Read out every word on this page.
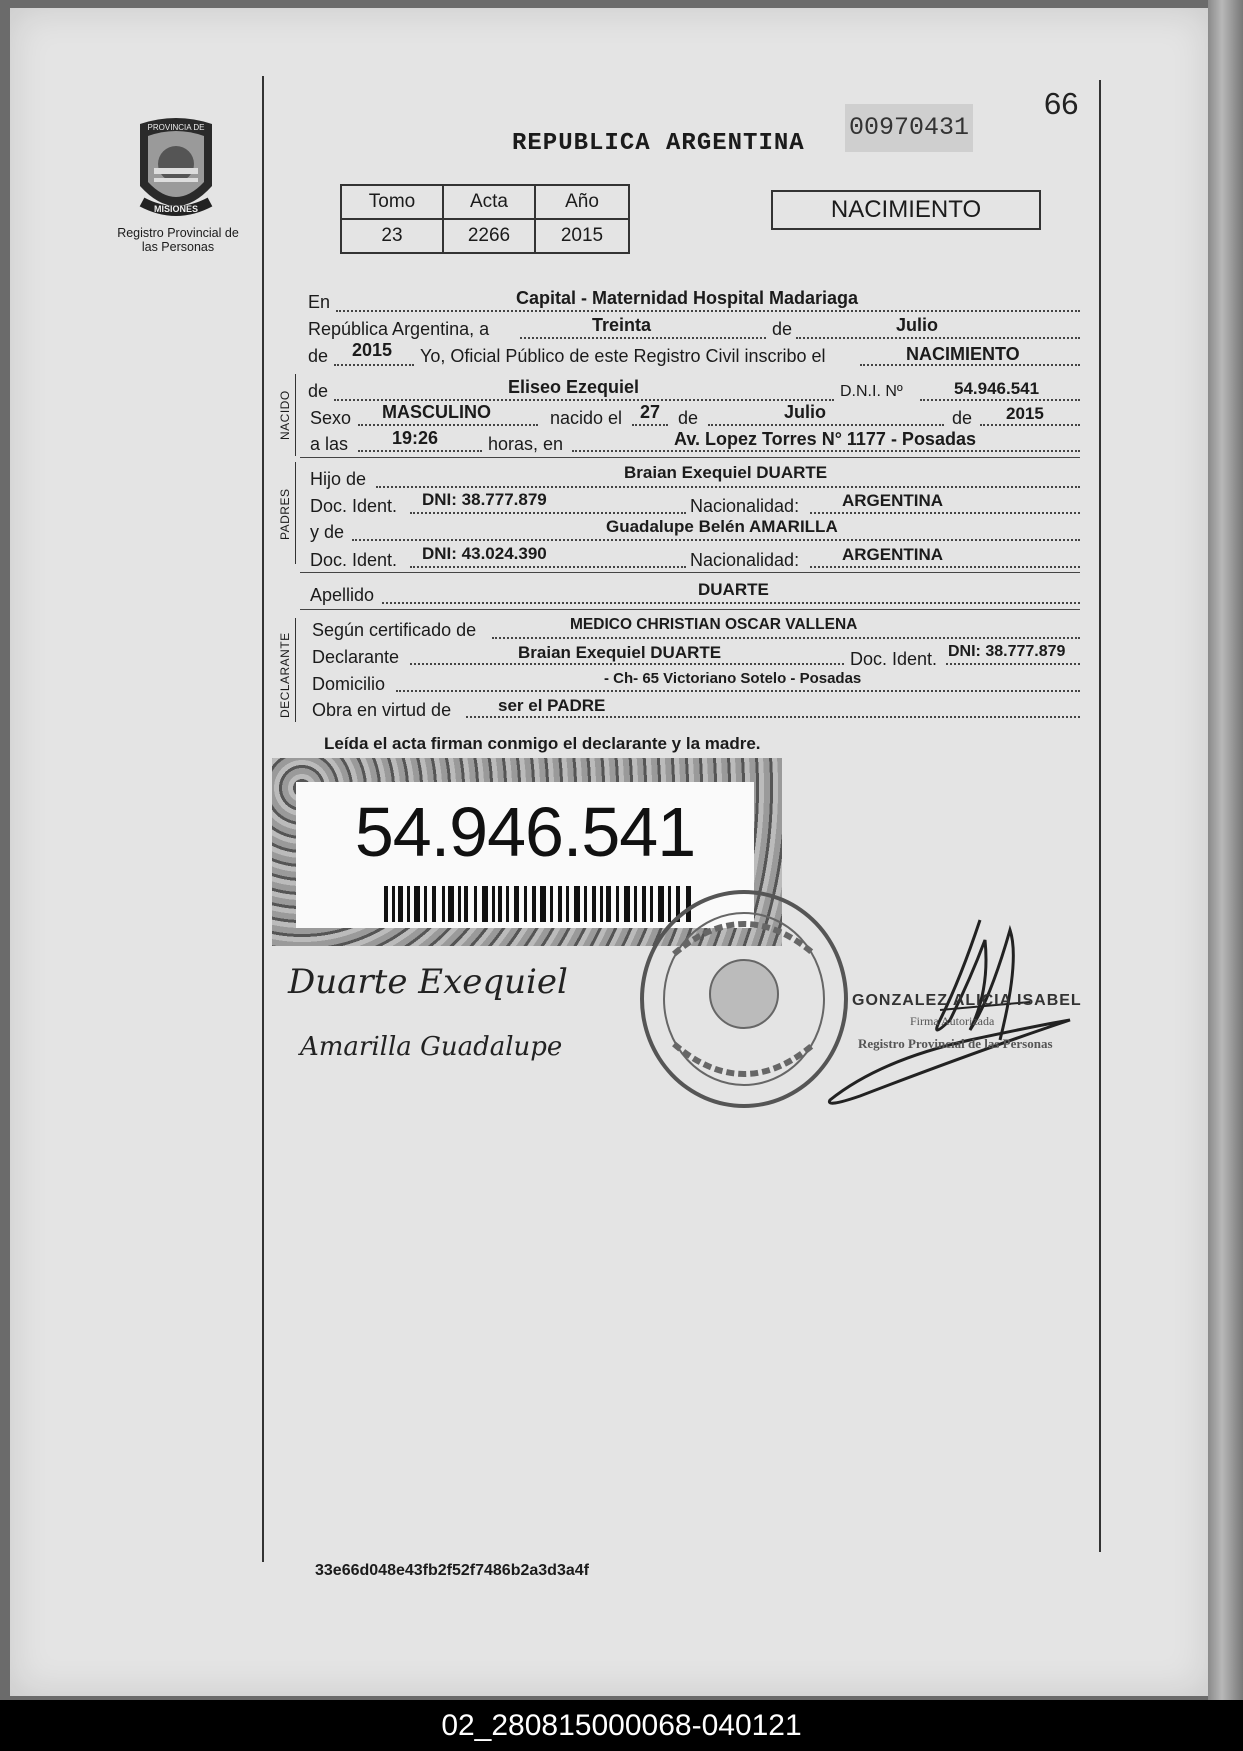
66
00970431
REPUBLICA ARGENTINA
PROVINCIA DE
MISIONES
Registro Provincial de las Personas
Tomo	Acta	Año
23	2266	2015
NACIMIENTO
En	Capital - Maternidad Hospital Madariaga
República Argentina, a	Treinta	de	Julio
de 2015 Yo, Oficial Público de este Registro Civil inscribo el	NACIMIENTO
NACIDO de	Eliseo Ezequiel	D.N.I. Nº	54.946.541
Sexo MASCULINO	nacido el 27 de	Julio	de 2015
a las 19:26	horas, en	Av. Lopez Torres N° 1177 - Posadas
PADRES
Hijo de	Braian Exequiel DUARTE
Doc. Ident. DNI: 38.777.879	Nacionalidad:	ARGENTINA
y de	Guadalupe Belén AMARILLA
Doc. Ident. DNI: 43.024.390	Nacionalidad:	ARGENTINA
Apellido	DUARTE
DECLARANTE
Según certificado de	MEDICO CHRISTIAN OSCAR VALLENA
Declarante	Braian Exequiel DUARTE	Doc. Ident. DNI: 38.777.879
Domicilio	- Ch- 65 Victoriano Sotelo - Posadas
Obra en virtud de	ser el PADRE
Leída el acta firman conmigo el declarante y la madre.
54.946.541
Duarte Exequiel
Amarilla Guadalupe
GONZALEZ ALICIA ISABEL
Firma Autorizada
Registro Provincial de las Personas
33e66d048e43fb2f52f7486b2a3d3a4f
02_280815000068-040121
